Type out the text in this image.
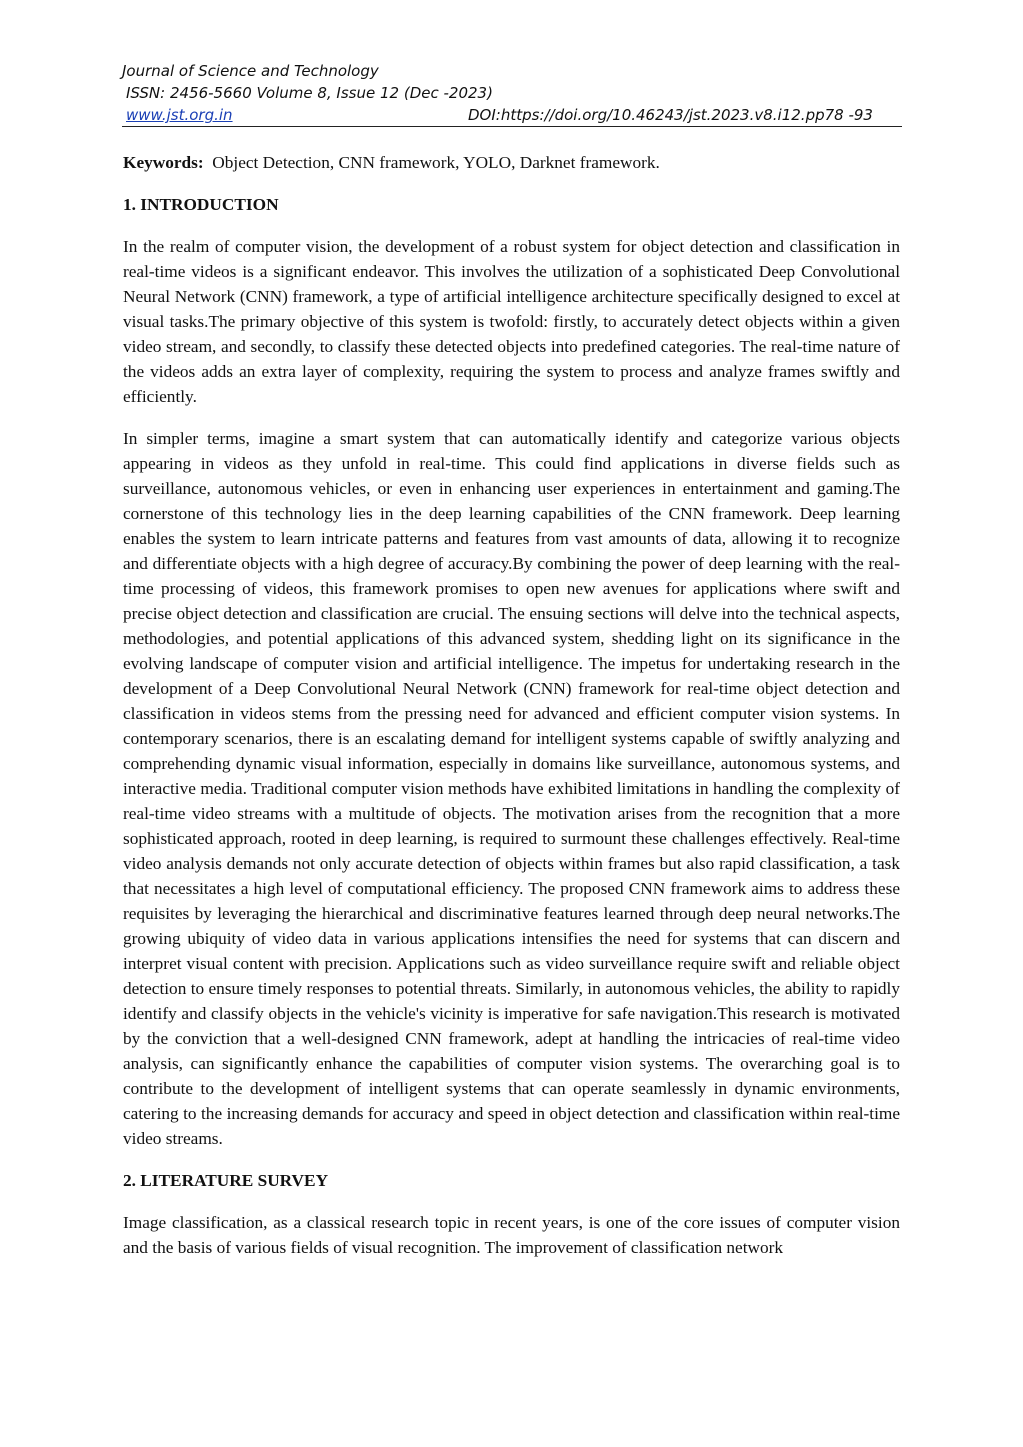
Journal of Science and Technology
ISSN: 2456-5660 Volume 8, Issue 12 (Dec -2023)
www.jst.org.in	DOI:https://doi.org/10.46243/jst.2023.v8.i12.pp78 -93

Keywords: Object Detection, CNN framework, YOLO, Darknet framework.

1. INTRODUCTION

In the realm of computer vision, the development of a robust system for object detection and classification in real-time videos is a significant endeavor. This involves the utilization of a sophisticated Deep Convolutional Neural Network (CNN) framework, a type of artificial intelligence architecture specifically designed to excel at visual tasks.The primary objective of this system is twofold: firstly, to accurately detect objects within a given video stream, and secondly, to classify these detected objects into predefined categories. The real-time nature of the videos adds an extra layer of complexity, requiring the system to process and analyze frames swiftly and efficiently.

In simpler terms, imagine a smart system that can automatically identify and categorize various objects appearing in videos as they unfold in real-time. This could find applications in diverse fields such as surveillance, autonomous vehicles, or even in enhancing user experiences in entertainment and gaming.The cornerstone of this technology lies in the deep learning capabilities of the CNN framework. Deep learning enables the system to learn intricate patterns and features from vast amounts of data, allowing it to recognize and differentiate objects with a high degree of accuracy.By combining the power of deep learning with the real-time processing of videos, this framework promises to open new avenues for applications where swift and precise object detection and classification are crucial. The ensuing sections will delve into the technical aspects, methodologies, and potential applications of this advanced system, shedding light on its significance in the evolving landscape of computer vision and artificial intelligence. The impetus for undertaking research in the development of a Deep Convolutional Neural Network (CNN) framework for real-time object detection and classification in videos stems from the pressing need for advanced and efficient computer vision systems. In contemporary scenarios, there is an escalating demand for intelligent systems capable of swiftly analyzing and comprehending dynamic visual information, especially in domains like surveillance, autonomous systems, and interactive media. Traditional computer vision methods have exhibited limitations in handling the complexity of real-time video streams with a multitude of objects. The motivation arises from the recognition that a more sophisticated approach, rooted in deep learning, is required to surmount these challenges effectively. Real-time video analysis demands not only accurate detection of objects within frames but also rapid classification, a task that necessitates a high level of computational efficiency. The proposed CNN framework aims to address these requisites by leveraging the hierarchical and discriminative features learned through deep neural networks.The growing ubiquity of video data in various applications intensifies the need for systems that can discern and interpret visual content with precision. Applications such as video surveillance require swift and reliable object detection to ensure timely responses to potential threats. Similarly, in autonomous vehicles, the ability to rapidly identify and classify objects in the vehicle's vicinity is imperative for safe navigation.This research is motivated by the conviction that a well-designed CNN framework, adept at handling the intricacies of real-time video analysis, can significantly enhance the capabilities of computer vision systems. The overarching goal is to contribute to the development of intelligent systems that can operate seamlessly in dynamic environments, catering to the increasing demands for accuracy and speed in object detection and classification within real-time video streams.

2. LITERATURE SURVEY

Image classification, as a classical research topic in recent years, is one of the core issues of computer vision and the basis of various fields of visual recognition. The improvement of classification network
